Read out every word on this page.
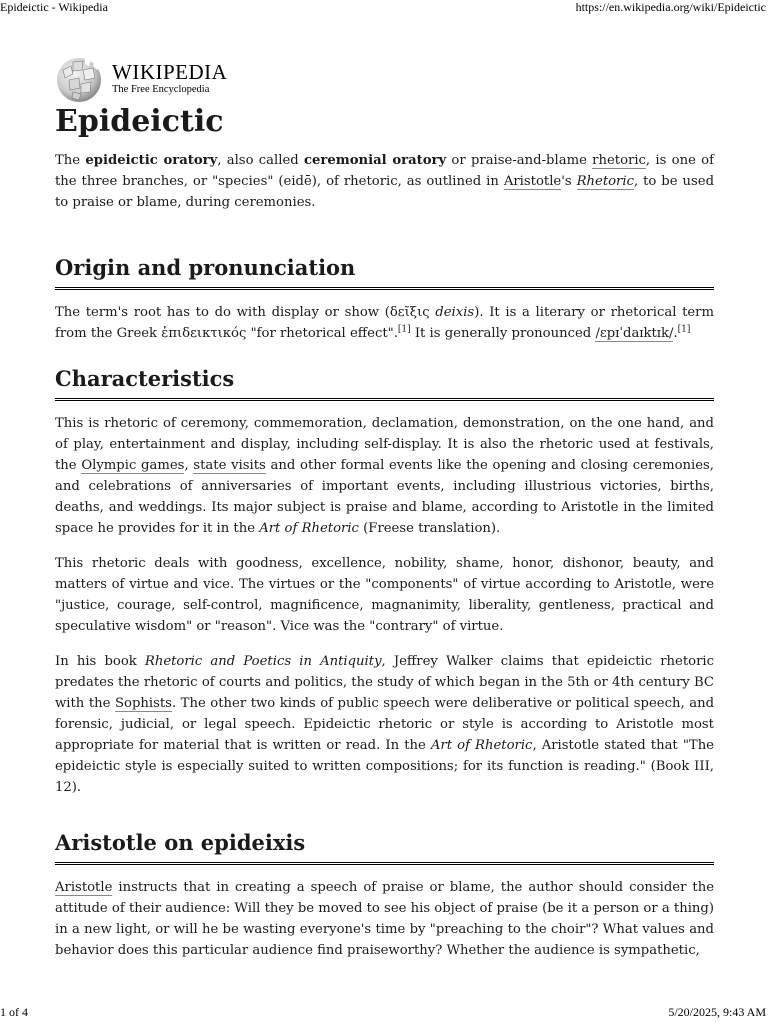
Epideictic - Wikipedia	https://en.wikipedia.org/wiki/Epideictic
WIKIPEDIA
The Free Encyclopedia
Epideictic

The epideictic oratory, also called ceremonial oratory or praise-and-blame rhetoric, is one of the three branches, or "species" (eidē), of rhetoric, as outlined in Aristotle's Rhetoric, to be used to praise or blame, during ceremonies.

Origin and pronunciation

The term's root has to do with display or show (δεῖξις deixis). It is a literary or rhetorical term from the Greek ἐπιδεικτικός "for rhetorical effect".[1] It is generally pronounced /ɛpɪˈdaɪktɪk/.[1]

Characteristics

This is rhetoric of ceremony, commemoration, declamation, demonstration, on the one hand, and of play, entertainment and display, including self-display. It is also the rhetoric used at festivals, the Olympic games, state visits and other formal events like the opening and closing ceremonies, and celebrations of anniversaries of important events, including illustrious victories, births, deaths, and weddings. Its major subject is praise and blame, according to Aristotle in the limited space he provides for it in the Art of Rhetoric (Freese translation).

This rhetoric deals with goodness, excellence, nobility, shame, honor, dishonor, beauty, and matters of virtue and vice. The virtues or the "components" of virtue according to Aristotle, were "justice, courage, self-control, magnificence, magnanimity, liberality, gentleness, practical and speculative wisdom" or "reason". Vice was the "contrary" of virtue.

In his book Rhetoric and Poetics in Antiquity, Jeffrey Walker claims that epideictic rhetoric predates the rhetoric of courts and politics, the study of which began in the 5th or 4th century BC with the Sophists. The other two kinds of public speech were deliberative or political speech, and forensic, judicial, or legal speech. Epideictic rhetoric or style is according to Aristotle most appropriate for material that is written or read. In the Art of Rhetoric, Aristotle stated that "The epideictic style is especially suited to written compositions; for its function is reading." (Book III, 12).

Aristotle on epideixis

Aristotle instructs that in creating a speech of praise or blame, the author should consider the attitude of their audience: Will they be moved to see his object of praise (be it a person or a thing) in a new light, or will he be wasting everyone's time by "preaching to the choir"? What values and behavior does this particular audience find praiseworthy? Whether the audience is sympathetic,

1 of 4	5/20/2025, 9:43 AM
